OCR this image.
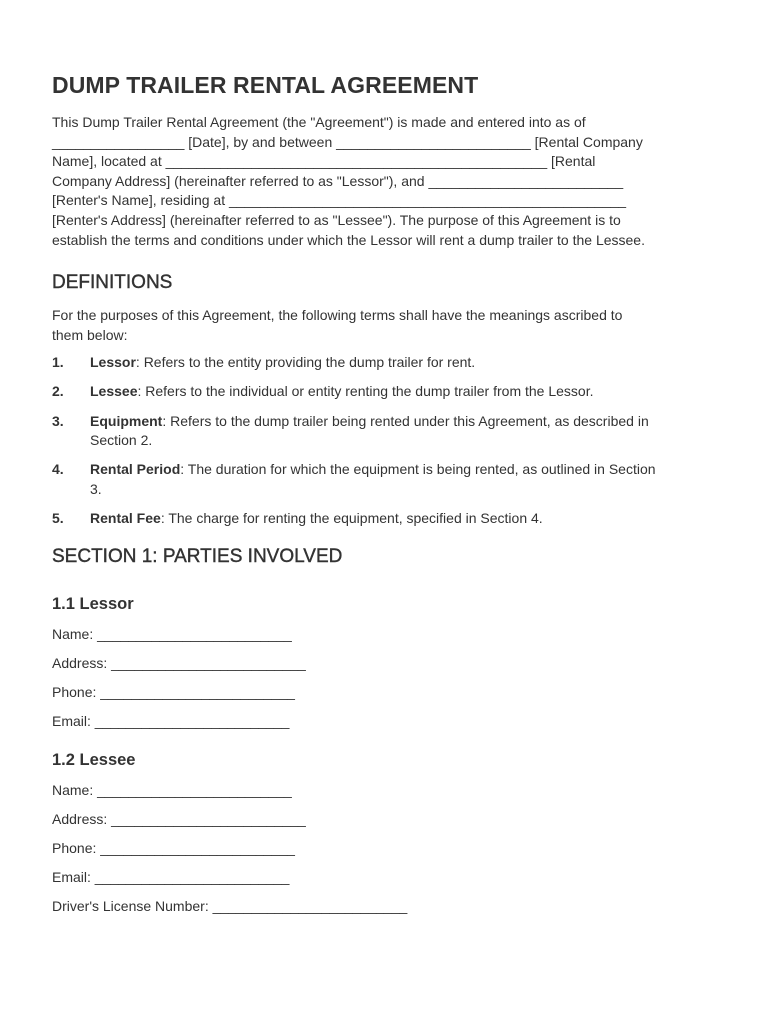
DUMP TRAILER RENTAL AGREEMENT

This Dump Trailer Rental Agreement (the "Agreement") is made and entered into as of
_________________ [Date], by and between _________________________ [Rental Company
Name], located at _________________________________________________ [Rental
Company Address] (hereinafter referred to as "Lessor"), and _________________________
[Renter's Name], residing at ___________________________________________________
[Renter's Address] (hereinafter referred to as "Lessee"). The purpose of this Agreement is to
establish the terms and conditions under which the Lessor will rent a dump trailer to the Lessee.

DEFINITIONS

For the purposes of this Agreement, the following terms shall have the meanings ascribed to
them below:

1.	Lessor: Refers to the entity providing the dump trailer for rent.
2.	Lessee: Refers to the individual or entity renting the dump trailer from the Lessor.
3.	Equipment: Refers to the dump trailer being rented under this Agreement, as described in
Section 2.
4.	Rental Period: The duration for which the equipment is being rented, as outlined in Section
3.
5.	Rental Fee: The charge for renting the equipment, specified in Section 4.
SECTION 1: PARTIES INVOLVED
1.1 Lessor
Name: _________________________
Address: _________________________
Phone: _________________________
Email: _________________________
1.2 Lessee
Name: _________________________
Address: _________________________
Phone: _________________________
Email: _________________________
Driver's License Number: _________________________
